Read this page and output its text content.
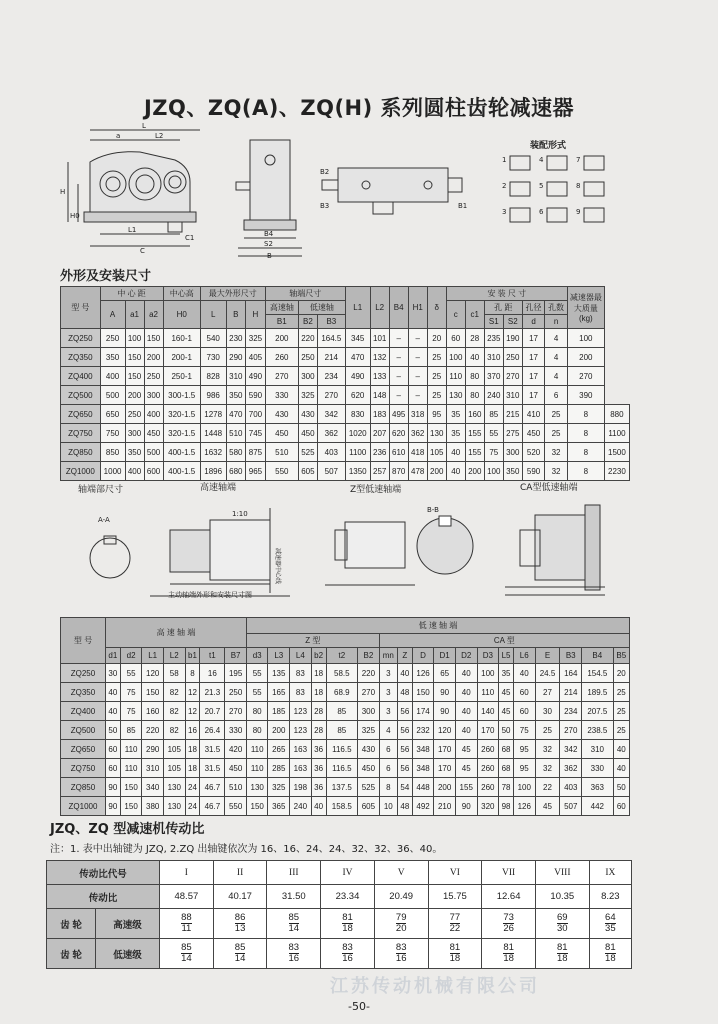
JZQ、ZQ(A)、ZQ(H) 系列圆柱齿轮减速器
L
a	L2
H
H0
L1
C1
C
B4
S2
B
B2
B3	B1
装配形式
1	4	7
2	5	8
3	6	9
外形及安装尺寸
型 号	中 心 距			中心高	最大外形尺寸			轴端尺寸			L1	L2	B4	H1	δ	安 装 尺 寸						减速器最大质量
(kg)	
	A	a1	a2	H0	L	B	H	高速轴	低速轴							c	c1	孔 距		孔径	孔数		
								B1	B2	B3								S1	S2	d	n		
ZQ250	250	100	150	160-1	540	230	325	200	220	164.5	345	101	–	–	20	60	28	235	190	17	4	100	
ZQ350	350	150	200	200-1	730	290	405	260	250	214	470	132	–	–	25	100	40	310	250	17	4	200	
ZQ400	400	150	250	250-1	828	310	490	270	300	234	490	133	–	–	25	110	80	370	270	17	4	270	
ZQ500	500	200	300	300-1.5	986	350	590	330	325	270	620	148	–	–	25	130	80	240	310	17	6	390	
ZQ650	650	250	400	320-1.5	1278	470	700	430	430	342	830	183	495	318	95	35	160	85	215	410	25	8	880
ZQ750	750	300	450	320-1.5	1448	510	745	450	450	362	1020	207	620	362	130	35	155	55	275	450	25	8	1100
ZQ850	850	350	500	400-1.5	1632	580	875	510	525	403	1100	236	610	418	105	40	155	75	300	520	32	8	1500
ZQ1000	1000	400	600	400-1.5	1896	680	965	550	605	507	1350	257	870	478	200	40	200	100	350	590	32	8	2230
轴端部尺寸	高速轴端	Z型低速轴端	CA型低速轴端
A-A
1:10
减速器中心线
主动轴端外形和安装尺寸图
B-B
型 号	高 速 轴 端							低 速 轴 端																	
								Z 型						CA 型											
	d1	d2	L1	L2	b1	t1	B7	d3	L3	L4	b2	t2	B2	mn	Z	D	D1	D2	D3	L5	L6	E	B3	B4	B5
ZQ250	30	55	120	58	8	16	195	55	135	83	18	58.5	220	3	40	126	65	40	100	35	40	24.5	164	154.5	20
ZQ350	40	75	150	82	12	21.3	250	55	165	83	18	68.9	270	3	48	150	90	40	110	45	60	27	214	189.5	25
ZQ400	40	75	160	82	12	20.7	270	80	185	123	28	85	300	3	56	174	90	40	140	45	60	30	234	207.5	25
ZQ500	50	85	220	82	16	26.4	330	80	200	123	28	85	325	4	56	232	120	40	170	50	75	25	270	238.5	25
ZQ650	60	110	290	105	18	31.5	420	110	265	163	36	116.5	430	6	56	348	170	45	260	68	95	32	342	310	40
ZQ750	60	110	310	105	18	31.5	450	110	285	163	36	116.5	450	6	56	348	170	45	260	68	95	32	362	330	40
ZQ850	90	150	340	130	24	46.7	510	130	325	198	36	137.5	525	8	54	448	200	155	260	78	100	22	403	363	50
ZQ1000	90	150	380	130	24	46.7	550	150	365	240	40	158.5	605	10	48	492	210	90	320	98	126	45	507	442	60
JZQ、ZQ 型减速机传动比
注：1. 表中出轴键为 JZQ, 2.ZQ 出轴键依次为 16、16、24、24、32、32、36、40。
传动比代号		I	II	III	IV	V	VI	VII	VIII	IX
传动比		48.57	40.17	31.50	23.34	20.49	15.75	12.64	10.35	8.23
齿 轮	高速级	$\frac{88}{11}$	$\frac{86}{13}$	$\frac{85}{14}$	$\frac{81}{18}$	$\frac{79}{20}$	$\frac{77}{22}$	$\frac{73}{26}$	$\frac{69}{30}$	$\frac{64}{35}$

齿 轮	低速级	$\frac{85}{14}$	$\frac{85}{14}$	$\frac{83}{16}$	$\frac{83}{16}$	$\frac{83}{16}$	$\frac{81}{18}$	$\frac{81}{18}$	$\frac{81}{18}$	$\frac{81}{18}$
江苏传动机械有限公司
-50-
